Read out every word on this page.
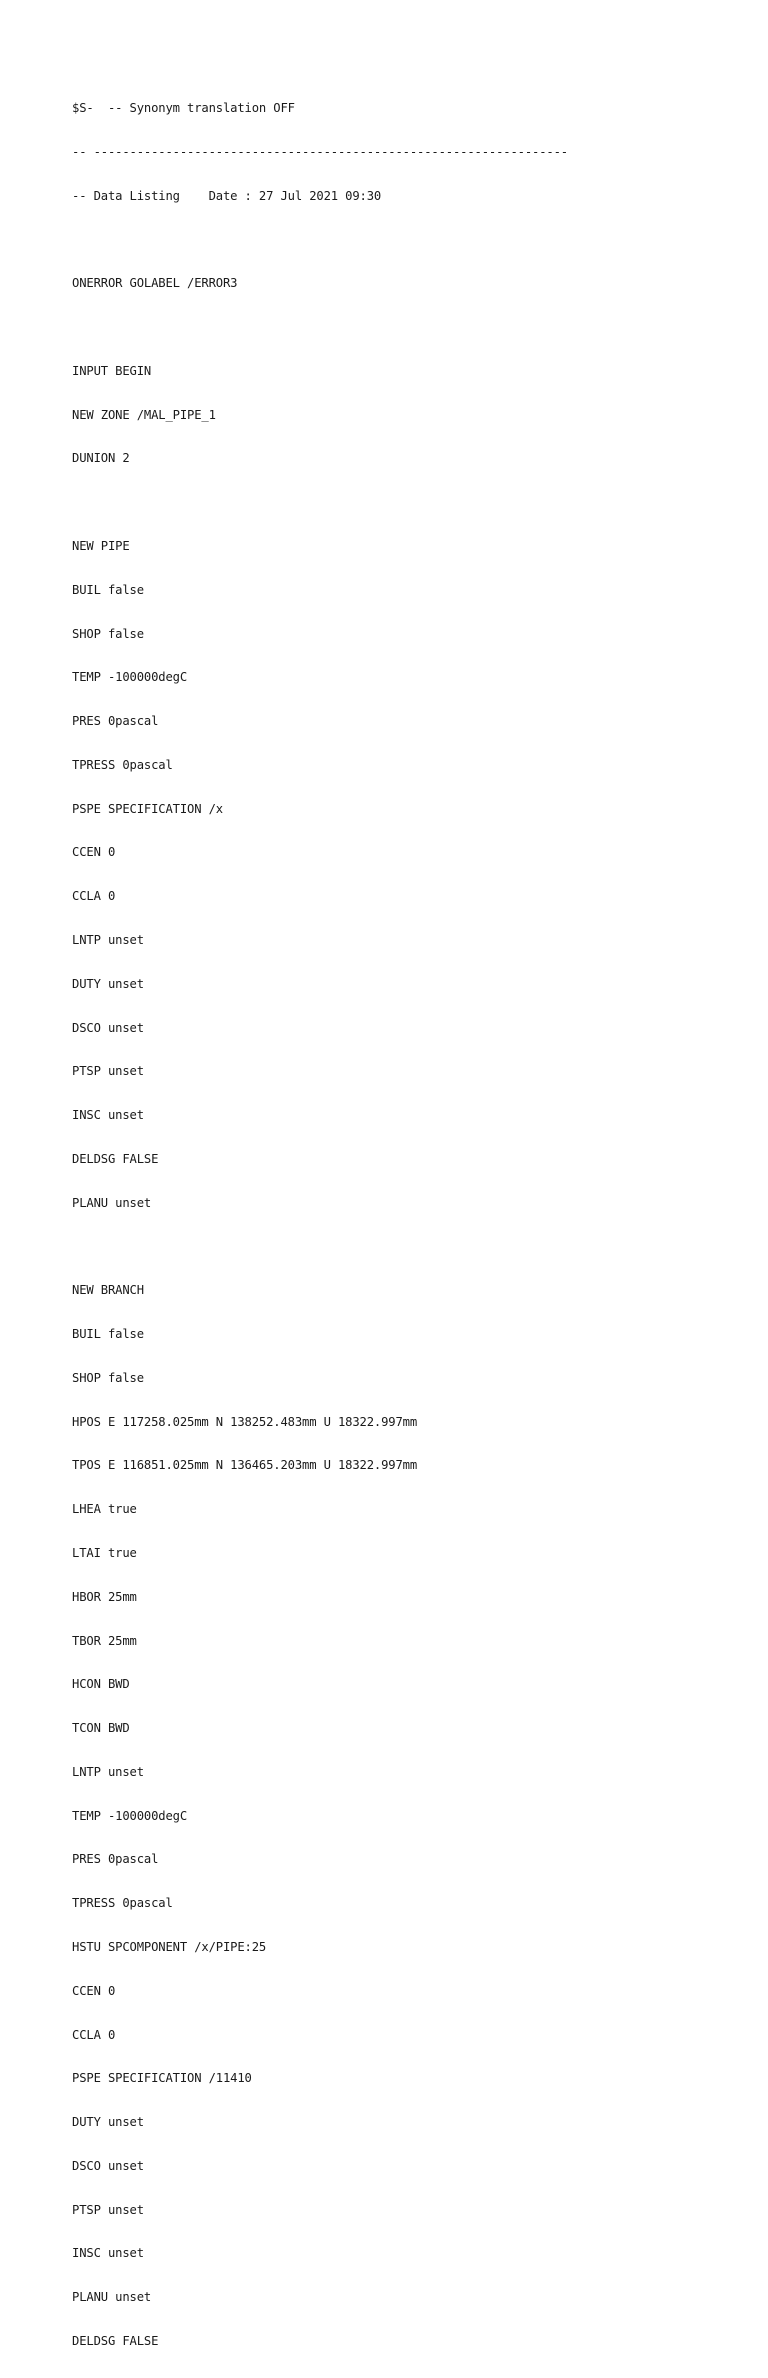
$S-  -- Synonym translation OFF

-- ------------------------------------------------------------------

-- Data Listing    Date : 27 Jul 2021 09:30

ONERROR GOLABEL /ERROR3

INPUT BEGIN

NEW ZONE /MAL_PIPE_1

DUNION 2

NEW PIPE

BUIL false

SHOP false

TEMP -100000degC

PRES 0pascal

TPRESS 0pascal

PSPE SPECIFICATION /x

CCEN 0

CCLA 0

LNTP unset

DUTY unset

DSCO unset

PTSP unset

INSC unset

DELDSG FALSE

PLANU unset

NEW BRANCH

BUIL false

SHOP false

HPOS E 117258.025mm N 138252.483mm U 18322.997mm

TPOS E 116851.025mm N 136465.203mm U 18322.997mm

LHEA true

LTAI true

HBOR 25mm

TBOR 25mm

HCON BWD

TCON BWD

LNTP unset

TEMP -100000degC

PRES 0pascal

TPRESS 0pascal

HSTU SPCOMPONENT /x/PIPE:25

CCEN 0

CCLA 0

PSPE SPECIFICATION /11410

DUTY unset

DSCO unset

PTSP unset

INSC unset

PLANU unset

DELDSG FALSE
